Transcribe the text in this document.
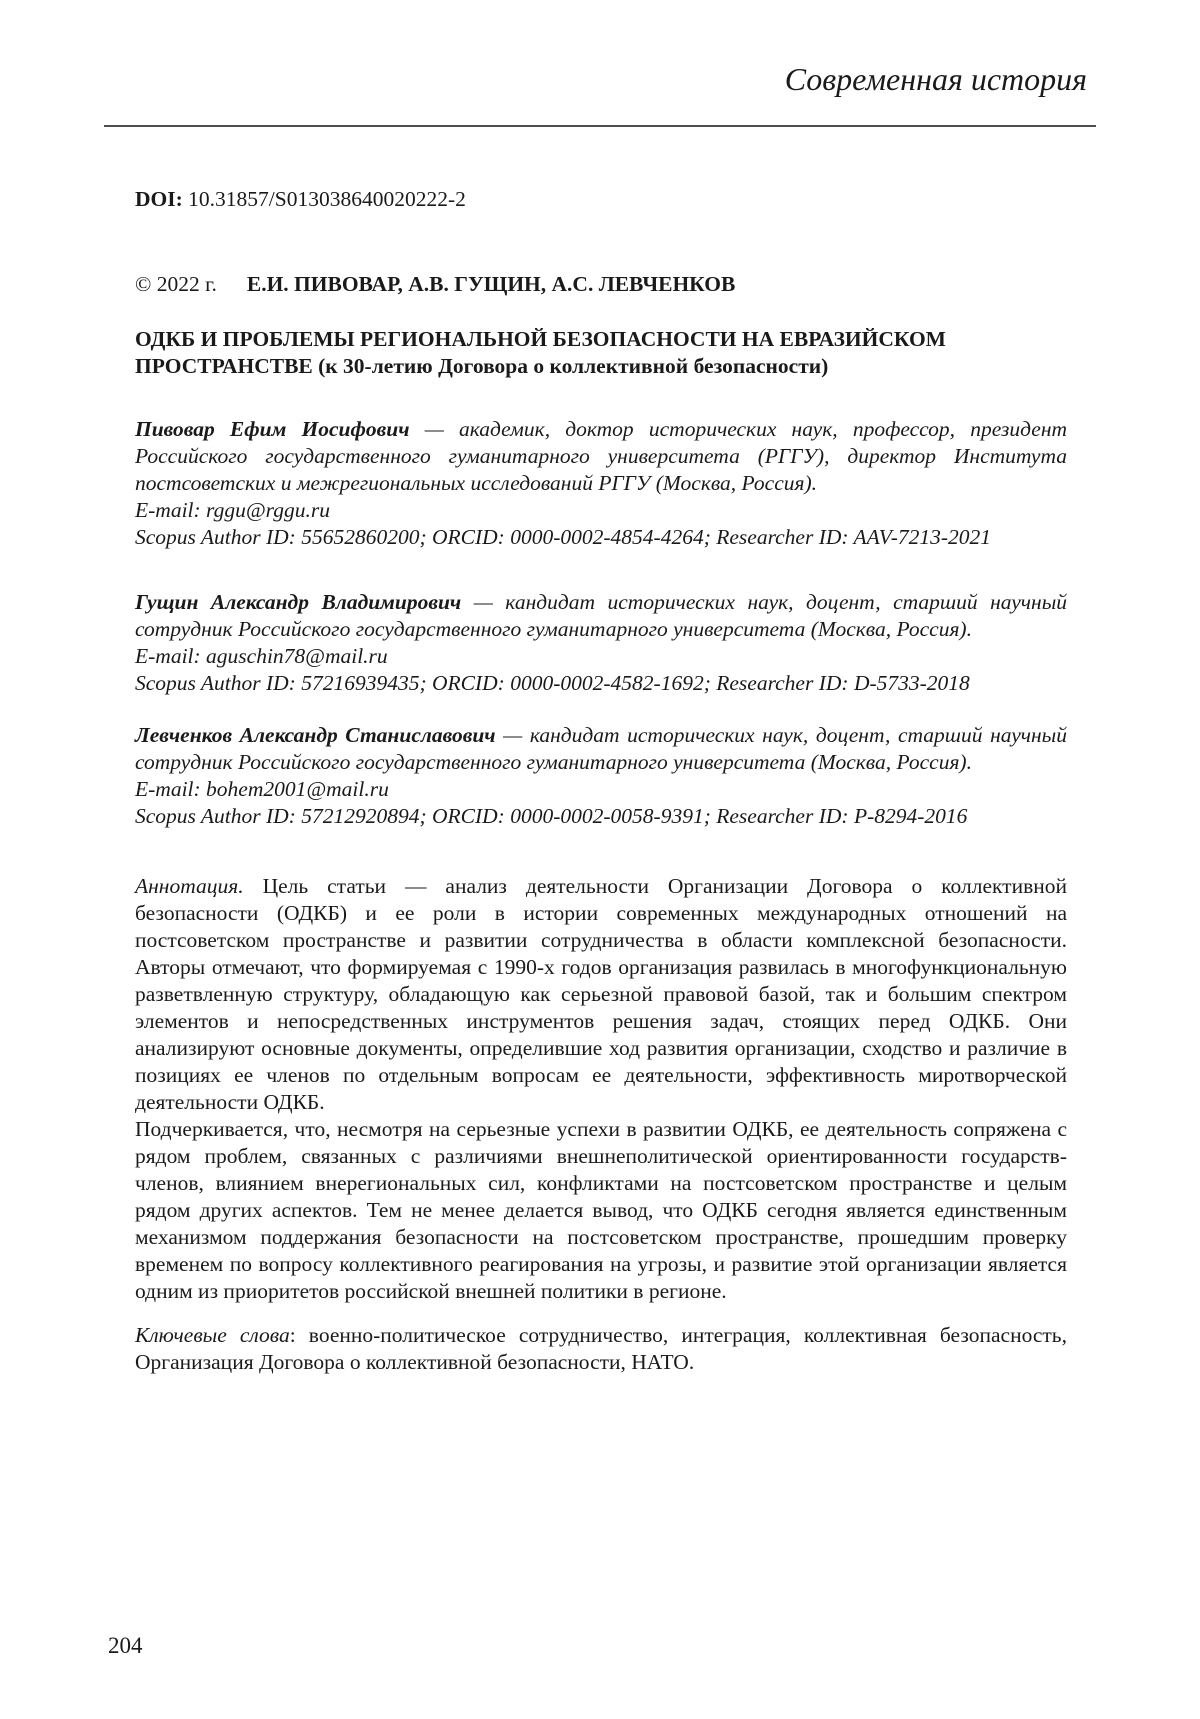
Современная история
DOI: 10.31857/S013038640020222-2
© 2022 г. Е.И. ПИВОВАР, А.В. ГУЩИН, А.С. ЛЕВЧЕНКОВ
ОДКБ И ПРОБЛЕМЫ РЕГИОНАЛЬНОЙ БЕЗОПАСНОСТИ НА ЕВРАЗИЙСКОМ ПРОСТРАНСТВЕ (к 30-летию Договора о коллективной безопасности)
Пивовар Ефим Иосифович — академик, доктор исторических наук, профессор, президент Российского государственного гуманитарного университета (РГГУ), директор Института постсоветских и межрегиональных исследований РГГУ (Москва, Россия).
E-mail: rggu@rggu.ru
Scopus Author ID: 55652860200; ORCID: 0000-0002-4854-4264; Researcher ID: AAV-7213-2021
Гущин Александр Владимирович — кандидат исторических наук, доцент, старший научный сотрудник Российского государственного гуманитарного университета (Москва, Россия).
E-mail: aguschin78@mail.ru
Scopus Author ID: 57216939435; ORCID: 0000-0002-4582-1692; Researcher ID: D-5733-2018
Левченков Александр Станиславович — кандидат исторических наук, доцент, старший научный сотрудник Российского государственного гуманитарного университета (Москва, Россия).
E-mail: bohem2001@mail.ru
Scopus Author ID: 57212920894; ORCID: 0000-0002-0058-9391; Researcher ID: P-8294-2016
Аннотация. Цель статьи — анализ деятельности Организации Договора о коллективной безопасности (ОДКБ) и ее роли в истории современных международных отношений на постсоветском пространстве и развитии сотрудничества в области комплексной безопасности. Авторы отмечают, что формируемая с 1990-х годов организация развилась в многофункциональную разветвленную структуру, обладающую как серьезной правовой базой, так и большим спектром элементов и непосредственных инструментов решения задач, стоящих перед ОДКБ. Они анализируют основные документы, определившие ход развития организации, сходство и различие в позициях ее членов по отдельным вопросам ее деятельности, эффективность миротворческой деятельности ОДКБ.
Подчеркивается, что, несмотря на серьезные успехи в развитии ОДКБ, ее деятельность сопряжена с рядом проблем, связанных с различиями внешнеполитической ориентированности государств-членов, влиянием внерегиональных сил, конфликтами на постсоветском пространстве и целым рядом других аспектов. Тем не менее делается вывод, что ОДКБ сегодня является единственным механизмом поддержания безопасности на постсоветском пространстве, прошедшим проверку временем по вопросу коллективного реагирования на угрозы, и развитие этой организации является одним из приоритетов российской внешней политики в регионе.
Ключевые слова: военно-политическое сотрудничество, интеграция, коллективная безопасность, Организация Договора о коллективной безопасности, НАТО.
204
